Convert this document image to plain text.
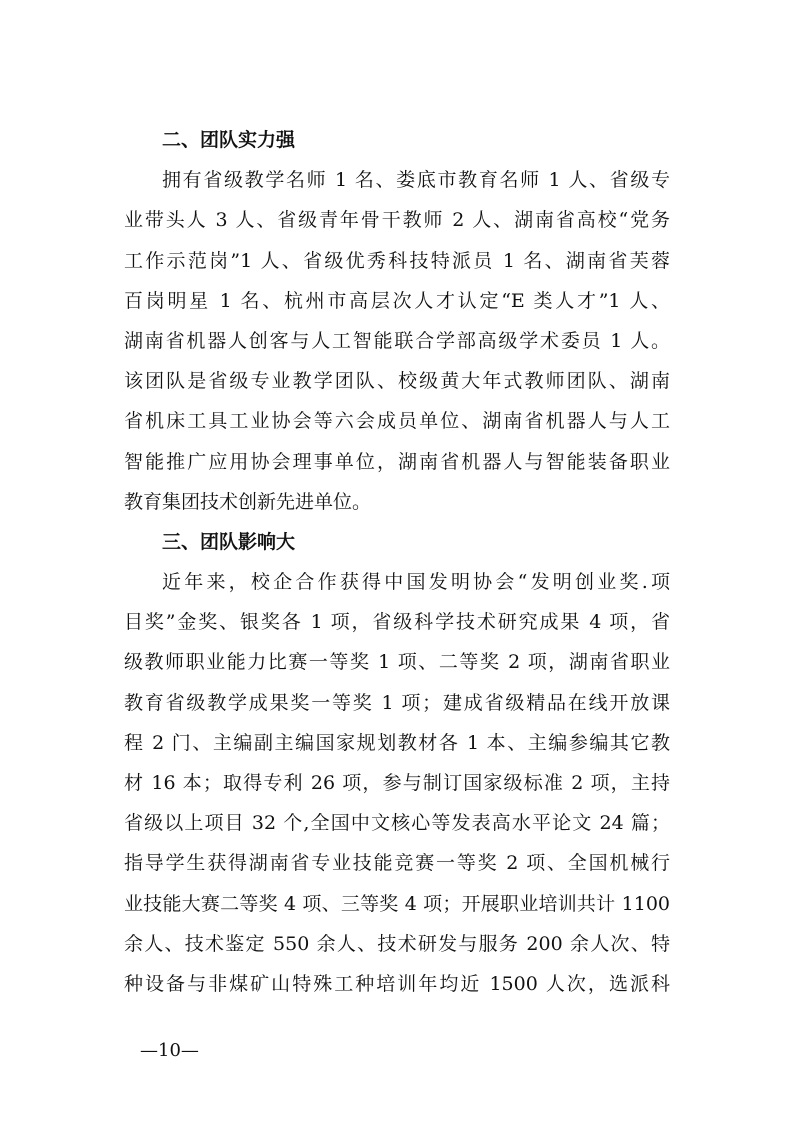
二、团队实力强
拥有省级教学名师 1 名、娄底市教育名师 1 人、省级专
业带头人 3 人、省级青年骨干教师 2 人、湖南省高校“党务
工作示范岗”1 人、省级优秀科技特派员 1 名、湖南省芙蓉
百岗明星 1 名、杭州市高层次人才认定“E 类人才”1 人、
湖南省机器人创客与人工智能联合学部高级学术委员 1 人。
该团队是省级专业教学团队、校级黄大年式教师团队、湖南
省机床工具工业协会等六会成员单位、湖南省机器人与人工
智能推广应用协会理事单位，湖南省机器人与智能装备职业
教育集团技术创新先进单位。
三、团队影响大
近年来，校企合作获得中国发明协会“发明创业奖.项
目奖”金奖、银奖各 1 项，省级科学技术研究成果 4 项，省
级教师职业能力比赛一等奖 1 项、二等奖 2 项，湖南省职业
教育省级教学成果奖一等奖 1 项；建成省级精品在线开放课
程 2 门、主编副主编国家规划教材各 1 本、主编参编其它教
材 16 本；取得专利 26 项，参与制订国家级标准 2 项，主持
省级以上项目 32 个,全国中文核心等发表高水平论文 24 篇；
指导学生获得湖南省专业技能竞赛一等奖 2 项、全国机械行
业技能大赛二等奖 4 项、三等奖 4 项；开展职业培训共计 1100
余人、技术鉴定 550 余人、技术研发与服务 200 余人次、特
种设备与非煤矿山特殊工种培训年均近 1500 人次，选派科
—10—
